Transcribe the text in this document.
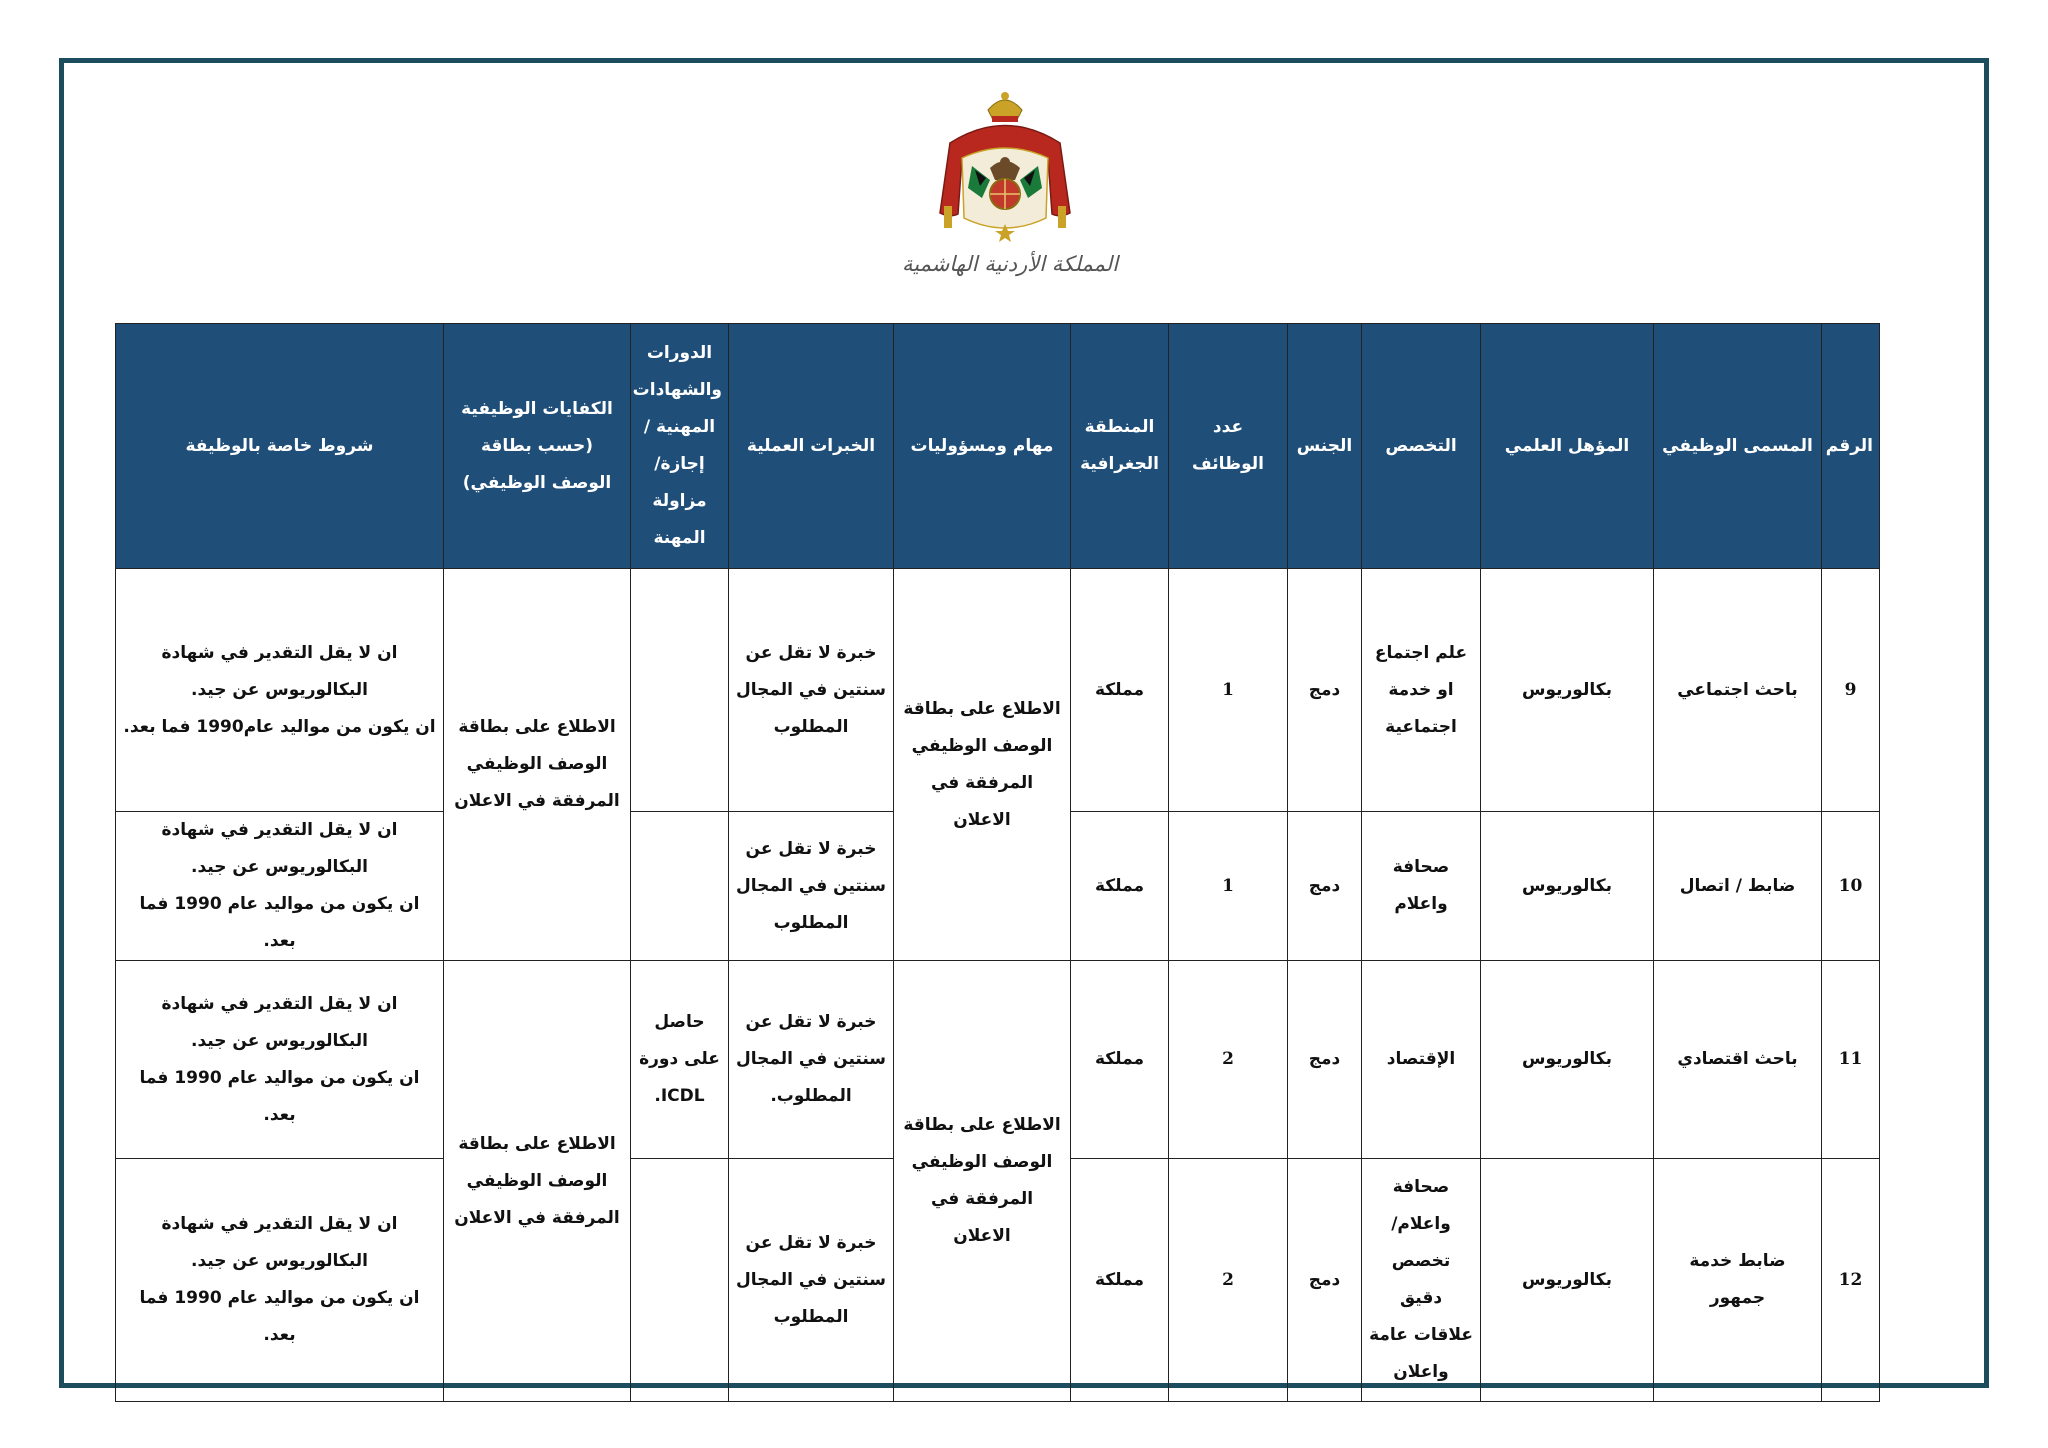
المملكة الأردنية الهاشمية
الرقم	المسمى الوظيفي	المؤهل العلمي	التخصص	الجنس	عدد الوظائف	المنطقة الجغرافية	مهام ومسؤوليات	الخبرات العملية	الدورات والشهادات المهنية /إجازة/ مزاولة المهنة	الكفايات الوظيفية (حسب بطاقة الوصف الوظيفي)	شروط خاصة بالوظيفة
9	باحث اجتماعي	بكالوريوس	علم اجتماع او خدمة اجتماعية	دمج	1	مملكة	الاطلاع على بطاقة الوصف الوظيفي المرفقة في الاعلان	خبرة لا تقل عن سنتين في المجال المطلوب		الاطلاع على بطاقة الوصف الوظيفي المرفقة في الاعلان	ان لا يقل التقدير في شهادة البكالوريوس عن جيد.
ان يكون من مواليد عام1990 فما بعد.

10	ضابط / اتصال	بكالوريوس	صحافة واعلام	دمج	1	مملكة		خبرة لا تقل عن سنتين في المجال المطلوب			ان لا يقل التقدير في شهادة البكالوريوس عن جيد.
ان يكون من مواليد عام 1990 فما بعد.

11	باحث اقتصادي	بكالوريوس	الإقتصاد	دمج	2	مملكة	الاطلاع على بطاقة الوصف الوظيفي المرفقة في الاعلان	خبرة لا تقل عن سنتين في المجال المطلوب.	حاصل على دورة ICDL.	الاطلاع على بطاقة الوصف الوظيفي المرفقة في الاعلان	ان لا يقل التقدير في شهادة البكالوريوس عن جيد.
ان يكون من مواليد عام 1990 فما بعد.

12	ضابط خدمة جمهور	بكالوريوس	صحافة واعلام/ تخصص دقيق علاقات عامة واعلان	دمج	2	مملكة		خبرة لا تقل عن سنتين في المجال المطلوب			ان لا يقل التقدير في شهادة البكالوريوس عن جيد.
ان يكون من مواليد عام 1990 فما بعد.
